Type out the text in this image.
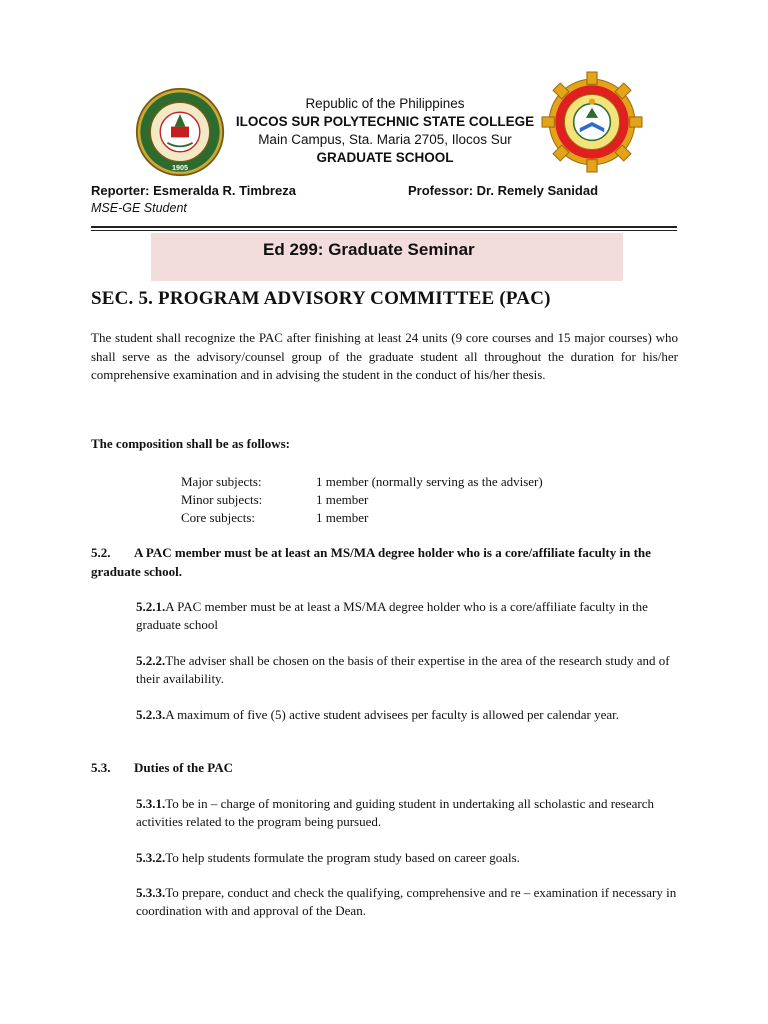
1905
Republic of the Philippines
ILOCOS SUR POLYTECHNIC STATE COLLEGE
Main Campus, Sta. Maria 2705, Ilocos Sur
GRADUATE SCHOOL
Reporter: Esmeralda R. Timbreza
MSE-GE Student
Professor: Dr. Remely Sanidad
Ed 299: Graduate Seminar
SEC. 5. PROGRAM ADVISORY COMMITTEE (PAC)
The student shall recognize the PAC after finishing at least 24 units (9 core courses and 15 major courses) who shall serve as the advisory/counsel group of the graduate student all throughout the duration for his/her comprehensive examination and in advising the student in the conduct of his/her thesis.
The composition shall be as follows:
Major subjects:	1 member (normally serving as the adviser)
Minor subjects:	1 member
Core subjects:	1 member
5.2. A PAC member must be at least an MS/MA degree holder who is a core/affiliate faculty in the graduate school.
5.2.1.A PAC member must be at least a MS/MA degree holder who is a core/affiliate faculty in the graduate school
5.2.2.The adviser shall be chosen on the basis of their expertise in the area of the research study and of their availability.
5.2.3.A maximum of five (5) active student advisees per faculty is allowed per calendar year.
5.3. Duties of the PAC
5.3.1.To be in – charge of monitoring and guiding student in undertaking all scholastic and research activities related to the program being pursued.
5.3.2.To help students formulate the program study based on career goals.
5.3.3.To prepare, conduct and check the qualifying, comprehensive and re – examination if necessary in coordination with and approval of the Dean.
